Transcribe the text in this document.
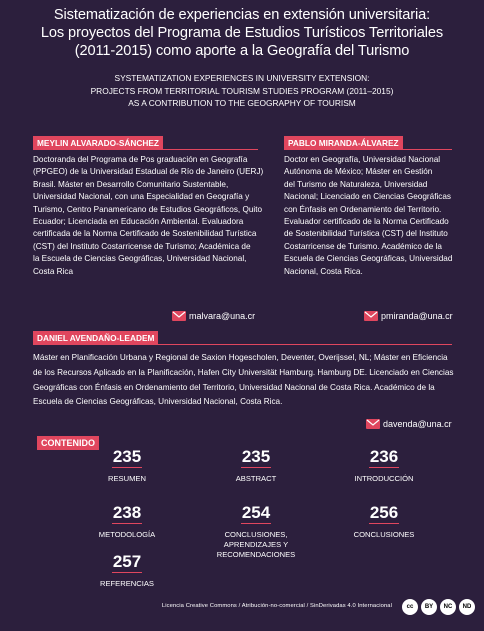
Sistematización de experiencias en extensión universitaria:
Los proyectos del Programa de Estudios Turísticos Territoriales
(2011-2015) como aporte a la Geografía del Turismo
SYSTEMATIZATION EXPERIENCES IN UNIVERSITY EXTENSION:
PROJECTS FROM TERRITORIAL TOURISM STUDIES PROGRAM (2011–2015)
AS A CONTRIBUTION TO THE GEOGRAPHY OF TOURISM
MEYLIN ALVARADO-SÁNCHEZ
Doctoranda del Programa de Pos graduación en Geografía
(PPGEO) de la Universidad Estadual de Río de Janeiro (UERJ)
Brasil. Máster en Desarrollo Comunitario Sustentable,
Universidad Nacional, con una Especialidad en Geografía y
Turismo, Centro Panamericano de Estudios Geográficos, Quito
Ecuador; Licenciada en Educación Ambiental. Evaluadora
certificada de la Norma Certificado de Sostenibilidad Turística
(CST) del Instituto Costarricense de Turismo; Académica de
la Escuela de Ciencias Geográficas, Universidad Nacional,
Costa Rica
malvara@una.cr
PABLO MIRANDA-ÁLVAREZ
Doctor en Geografía, Universidad Nacional
Autónoma de México; Máster en Gestión
del Turismo de Naturaleza, Universidad
Nacional; Licenciado en Ciencias Geográficas
con Énfasis en Ordenamiento del Territorio.
Evaluador certificado de la Norma Certificado
de Sostenibilidad Turística (CST) del Instituto
Costarricense de Turismo. Académico de la
Escuela de Ciencias Geográficas, Universidad
Nacional, Costa Rica.
pmiranda@una.cr
DANIEL AVENDAÑO-LEADEM
Máster en Planificación Urbana y Regional de Saxion Hogescholen, Deventer, Overijssel, NL; Máster en Eficiencia
de los Recursos Aplicado en la Planificación, Hafen City Universität Hamburg. Hamburg DE. Licenciado en Ciencias
Geográficas con Énfasis en Ordenamiento del Territorio, Universidad Nacional de Costa Rica. Académico de la
Escuela de Ciencias Geográficas, Universidad Nacional, Costa Rica.
davenda@una.cr
CONTENIDO
235
RESUMEN
235
ABSTRACT
236
INTRODUCCIÓN
238
METODOLOGÍA
254
CONCLUSIONES, APRENDIZAJES Y RECOMENDACIONES
256
CONCLUSIONES
257
REFERENCIAS
Licencia Creative Commons / Atribución-no-comercial / SinDerivadas 4.0 Internacional	cc	BY	NC	ND
